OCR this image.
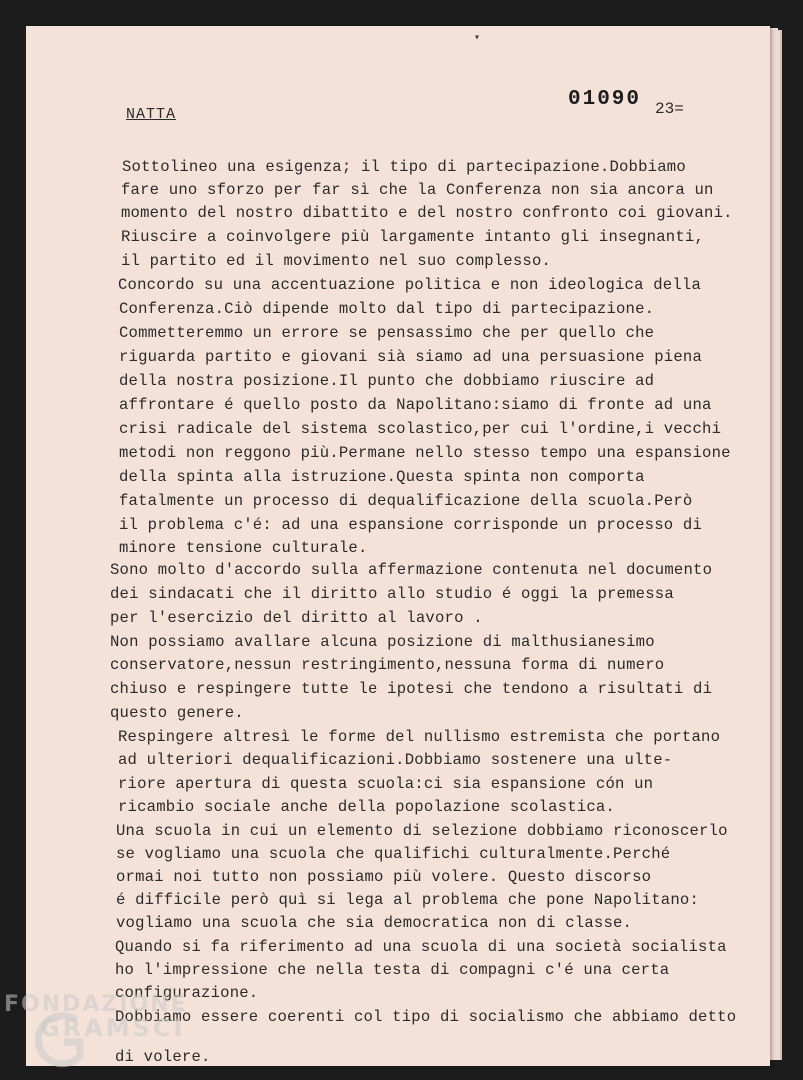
▾
NATTA
01090 23=
Sottolineo una esigenza; il tipo di partecipazione.Dobbiamo
fare uno sforzo per far sì che la Conferenza non sia ancora un
momento del nostro dibattito e del nostro confronto coi giovani.
Riuscire a coinvolgere più largamente intanto gli insegnanti,
il partito ed il movimento nel suo complesso.
Concordo su una accentuazione politica e non ideologica della
Conferenza.Ciò dipende molto dal tipo di partecipazione.
Commetteremmo un errore se pensassimo che per quello che
riguarda partito e giovani sià siamo ad una persuasione piena
della nostra posizione.Il punto che dobbiamo riuscire ad
affrontare é quello posto da Napolitano:siamo di fronte ad una
crisi radicale del sistema scolastico,per cui l'ordine,i vecchi
metodi non reggono più.Permane nello stesso tempo una espansione
della spinta alla istruzione.Questa spinta non comporta
fatalmente un processo di dequalificazione della scuola.Però
il problema c'é: ad una espansione corrisponde un processo di
minore tensione culturale.
Sono molto d'accordo sulla affermazione contenuta nel documento
dei sindacati che il diritto allo studio é oggi la premessa
per l'esercizio del diritto al lavoro .
Non possiamo avallare alcuna posizione di malthusianesimo
conservatore,nessun restringimento,nessuna forma di numero
chiuso e respingere tutte le ipotesi che tendono a risultati di
questo genere.
Respingere altresì le forme del nullismo estremista che portano
ad ulteriori dequalificazioni.Dobbiamo sostenere una ulte-
riore apertura di questa scuola:ci sia espansione cón un
ricambio sociale anche della popolazione scolastica.
Una scuola in cui un elemento di selezione dobbiamo riconoscerlo
se vogliamo una scuola che qualifichi culturalmente.Perché
ormai noi tutto non possiamo più volere. Questo discorso
é difficile però quì si lega al problema che pone Napolitano:
vogliamo una scuola che sia democratica non di classe.
Quando si fa riferimento ad una scuola di una società socialista
ho l'impressione che nella testa di compagni c'é una certa
configurazione.
Dobbiamo essere coerenti col tipo di socialismo che abbiamo detto
di volere.
FONDAZIONE
GRAMSCI
